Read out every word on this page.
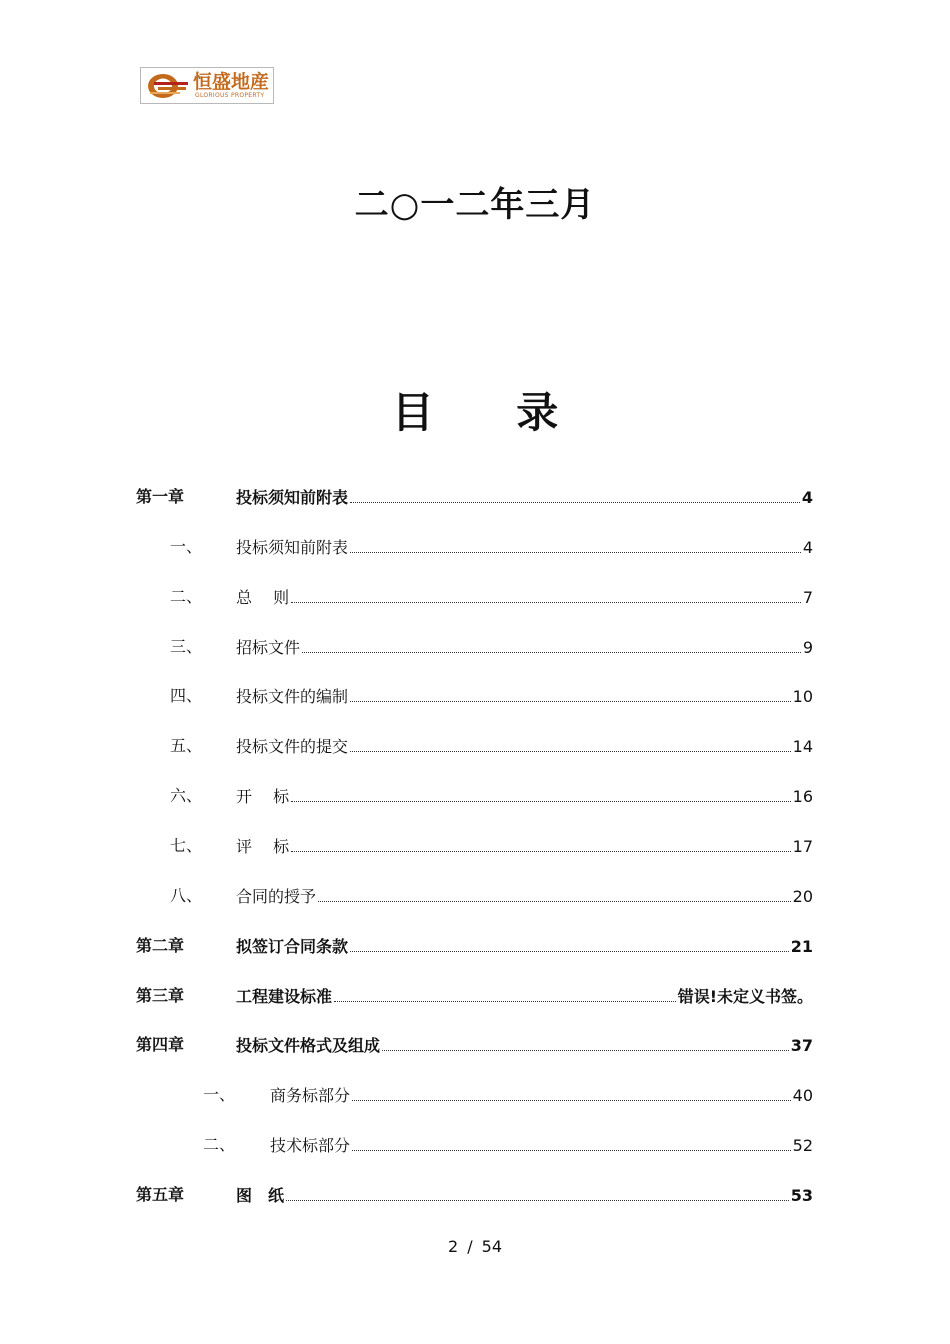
恒盛地産
GLORIOUS PROPERTY
二○一二年三月
目 录
第一章	投标须知前附表	4
一、 投标须知前附表	4
二、 总　 则	7
三、 招标文件	9
四、 投标文件的编制	10
五、 投标文件的提交	14
六、 开　 标	16
七、 评　 标	17
八、 合同的授予	20
第二章	拟签订合同条款	21
第三章	工程建设标准	错误!未定义书签。
第四章	投标文件格式及组成	37
一、 商务标部分	40
二、 技术标部分	52
第五章	图　纸	53
2 / 54
